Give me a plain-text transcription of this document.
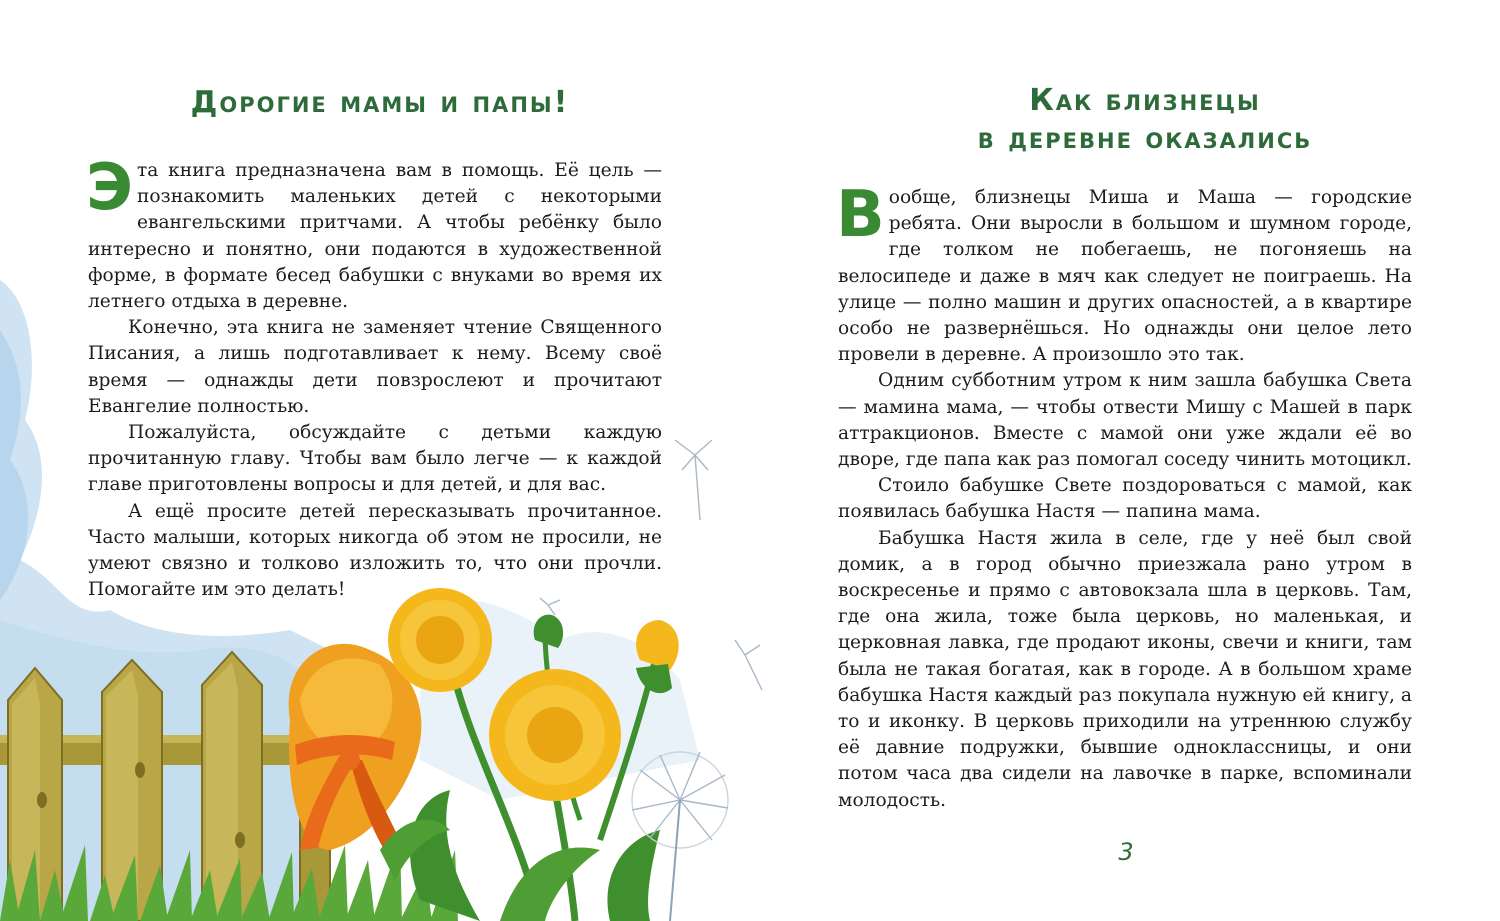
Дорогие мамы и папы!

Эта книга предназначена вам в помощь. Её цель — познакомить маленьких детей с некоторыми евангельскими притчами. А чтобы ребёнку было интересно и понятно, они подаются в художественной форме, в формате бесед бабушки с внуками во время их летнего отдыха в деревне.

Конечно, эта книга не заменяет чтение Священного Писания, а лишь подготавливает к нему. Всему своё время — однажды дети повзрослеют и прочитают Евангелие полностью.

Пожалуйста, обсуждайте с детьми каждую прочитанную главу. Чтобы вам было легче — к каждой главе приготовлены вопросы и для детей, и для вас.

А ещё просите детей пересказывать прочитанное. Часто малыши, которых никогда об этом не просили, не умеют связно и толково изложить то, что они прочли. Помогайте им это делать!

Как близнецы
в деревне оказались

Вообще, близнецы Миша и Маша — городские ребята. Они выросли в большом и шумном городе, где толком не побегаешь, не погоняешь на велосипеде и даже в мяч как следует не поиграешь. На улице — полно машин и других опасностей, а в квартире особо не развернёшься. Но однажды они целое лето провели в деревне. А произошло это так.

Одним субботним утром к ним зашла бабушка Света — мамина мама, — чтобы отвести Мишу с Машей в парк аттракционов. Вместе с мамой они уже ждали её во дворе, где папа как раз помогал соседу чинить мотоцикл.

Стоило бабушке Свете поздороваться с мамой, как появилась бабушка Настя — папина мама.

Бабушка Настя жила в селе, где у неё был свой домик, а в город обычно приезжала рано утром в воскресенье и прямо с автовокзала шла в церковь. Там, где она жила, тоже была церковь, но маленькая, и церковная лавка, где продают иконы, свечи и книги, там была не такая богатая, как в городе. А в большом храме бабушка Настя каждый раз покупала нужную ей книгу, а то и иконку. В церковь приходили на утреннюю службу её давние подружки, бывшие одноклассницы, и они потом часа два сидели на лавочке в парке, вспоминали молодость.

3
